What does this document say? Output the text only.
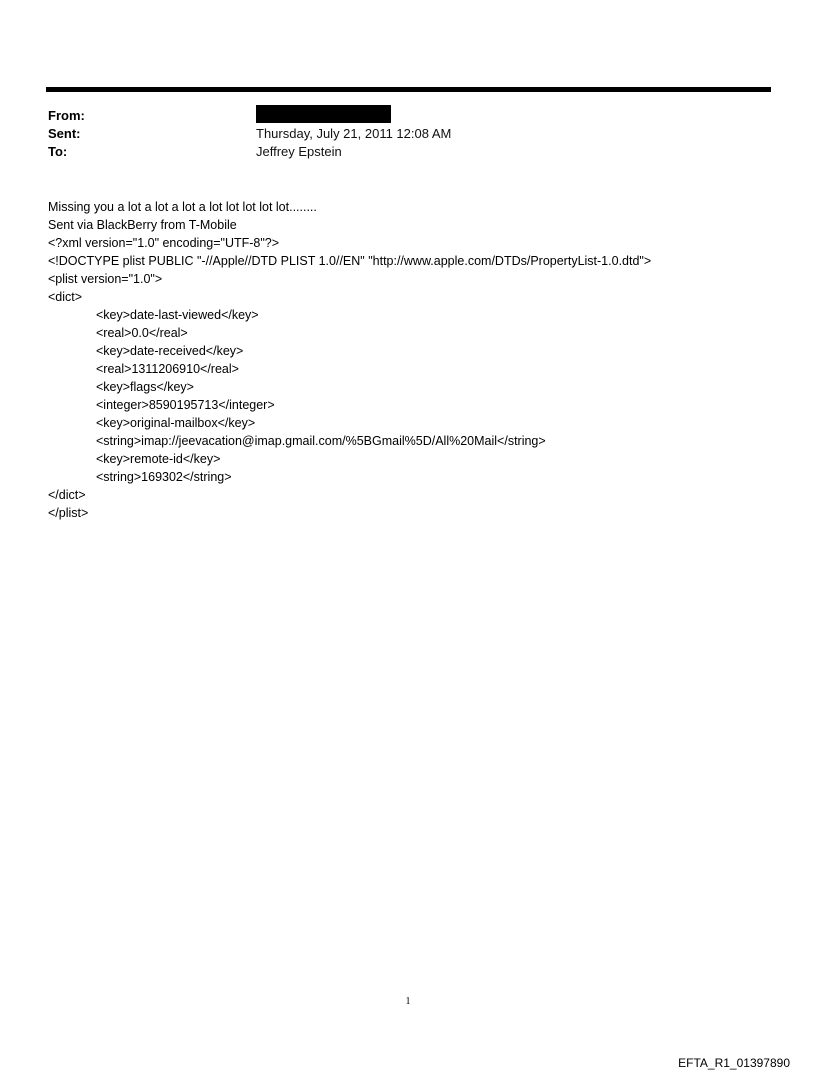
From:
Sent:	Thursday, July 21, 2011 12:08 AM
To:	Jeffrey Epstein
Missing you a lot a lot a lot a lot lot lot lot lot........
Sent via BlackBerry from T-Mobile
<?xml version="1.0" encoding="UTF-8"?>
<!DOCTYPE plist PUBLIC "-//Apple//DTD PLIST 1.0//EN" "http://www.apple.com/DTDs/PropertyList-1.0.dtd">
<plist version="1.0">
<dict>
<key>date-last-viewed</key>
<real>0.0</real>
<key>date-received</key>
<real>1311206910</real>
<key>flags</key>
<integer>8590195713</integer>
<key>original-mailbox</key>
<string>imap://jeevacation@imap.gmail.com/%5BGmail%5D/All%20Mail</string>
<key>remote-id</key>
<string>169302</string>
</dict>
</plist>
1
EFTA_R1_01397890
